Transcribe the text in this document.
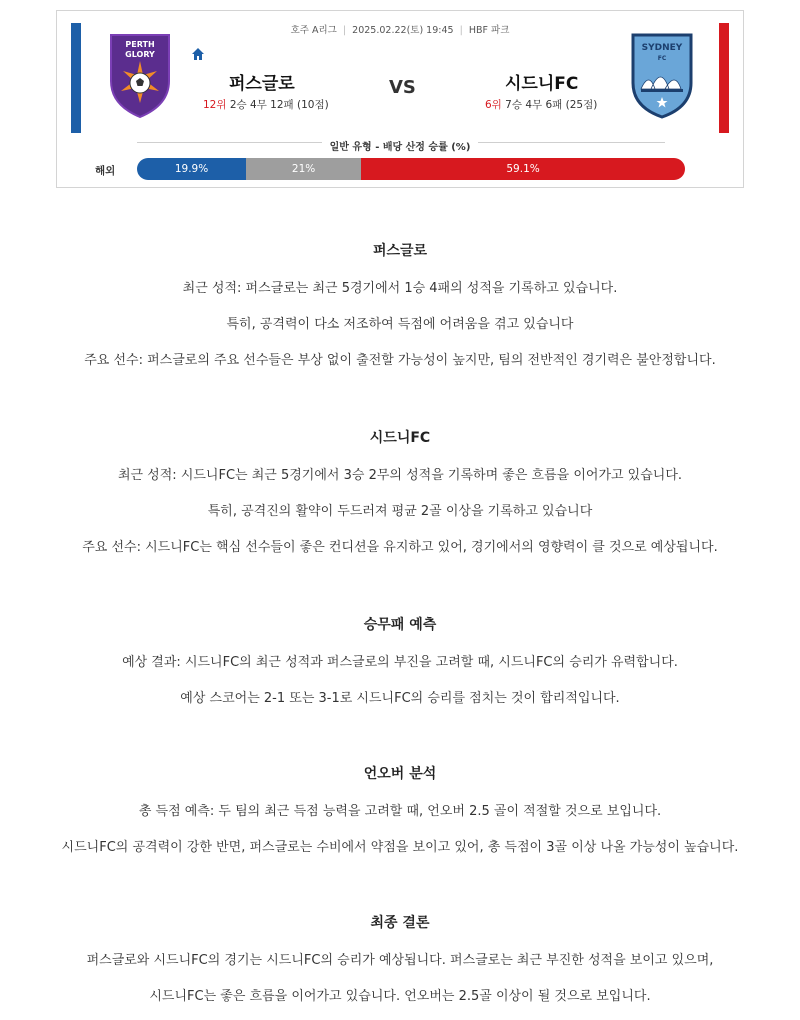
호주 A리그  |  2025.02.22(토) 19:45  |  HBF 파크
PERTH
GLORY
퍼스글로
12위 2승 4무 12패 (10점)
VS	시드니FC
6위 7승 4무 6패 (25점)
SYDNEY
FC
일반 유형 - 배당 산정 승률 (%)
해외	19.9%	21%	59.1%
퍼스글로

최근 성적: 퍼스글로는 최근 5경기에서 1승 4패의 성적을 기록하고 있습니다.

특히, 공격력이 다소 저조하여 득점에 어려움을 겪고 있습니다

주요 선수: 퍼스글로의 주요 선수들은 부상 없이 출전할 가능성이 높지만, 팀의 전반적인 경기력은 불안정합니다.

시드니FC

최근 성적: 시드니FC는 최근 5경기에서 3승 2무의 성적을 기록하며 좋은 흐름을 이어가고 있습니다.

특히, 공격진의 활약이 두드러져 평균 2골 이상을 기록하고 있습니다

주요 선수: 시드니FC는 핵심 선수들이 좋은 컨디션을 유지하고 있어, 경기에서의 영향력이 클 것으로 예상됩니다.

승무패 예측

예상 결과: 시드니FC의 최근 성적과 퍼스글로의 부진을 고려할 때, 시드니FC의 승리가 유력합니다.

예상 스코어는 2-1 또는 3-1로 시드니FC의 승리를 점치는 것이 합리적입니다.

언오버 분석

총 득점 예측: 두 팀의 최근 득점 능력을 고려할 때, 언오버 2.5 골이 적절할 것으로 보입니다.

시드니FC의 공격력이 강한 반면, 퍼스글로는 수비에서 약점을 보이고 있어, 총 득점이 3골 이상 나올 가능성이 높습니다.

최종 결론

퍼스글로와 시드니FC의 경기는 시드니FC의 승리가 예상됩니다. 퍼스글로는 최근 부진한 성적을 보이고 있으며,

시드니FC는 좋은 흐름을 이어가고 있습니다. 언오버는 2.5골 이상이 될 것으로 보입니다.
